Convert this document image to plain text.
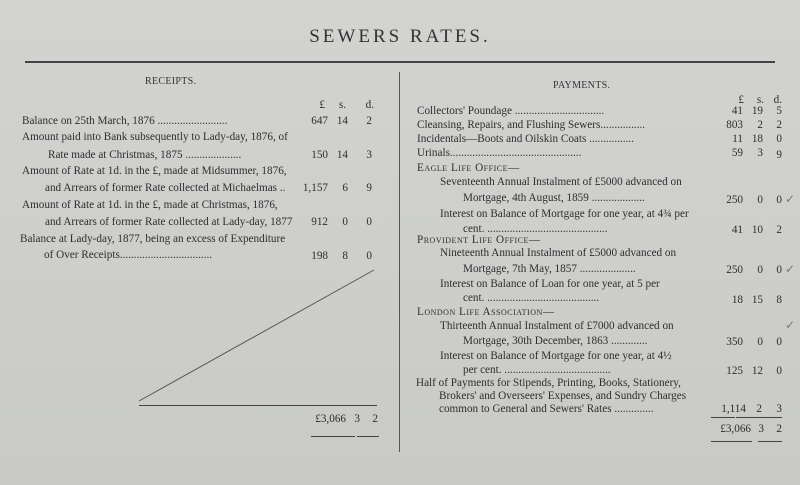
SEWERS RATES.
RECEIPTS.
£	s.	d.
Balance on 25th March, 1876 .........................	647 14	2
Amount paid into Bank subsequently to Lady-day, 1876, of
Rate made at Christmas, 1875 ....................	150 14	3
Amount of Rate at 1d. in the £, made at Midsummer, 1876,
and Arrears of former Rate collected at Michaelmas .. 1,157	6	9
Amount of Rate at 1d. in the £, made at Christmas, 1876,
and Arrears of former Rate collected at Lady-day, 1877	912	0	0
Balance at Lady-day, 1877, being an excess of Expenditure
of Over Receipts.................................	198	8	0
£3,066 3	2
PAYMENTS.
£	s. d.
Collectors' Poundage ................................	41 19	5
Cleansing, Repairs, and Flushing Sewers................	803	2	2
Incidentals—Boots and Oilskin Coats ................	11 18	0
Urinals...............................................	59	3	9
Eagle Life Office—
Seventeenth Annual Instalment of £5000 advanced on
Mortgage, 4th August, 1859 ...................	250	0	0 ✓
Interest on Balance of Mortgage for one year, at 4¾ per
cent. ...........................................	41 10	2
Provident Life Office—
Nineteenth Annual Instalment of £5000 advanced on
Mortgage, 7th May, 1857 ....................	250	0	0 ✓
Interest on Balance of Loan for one year, at 5 per
cent. ........................................	18 15	8
London Life Association—
Thirteenth Annual Instalment of £7000 advanced on
Mortgage, 30th December, 1863 .............	350	0	0
✓
Interest on Balance of Mortgage for one year, at 4½
per cent. ......................................	125 12	0
Half of Payments for Stipends, Printing, Books, Stationery,
Brokers' and Overseers' Expenses, and Sundry Charges
common to General and Sewers' Rates ..............	1,114 2	3
£3,066 3	2
